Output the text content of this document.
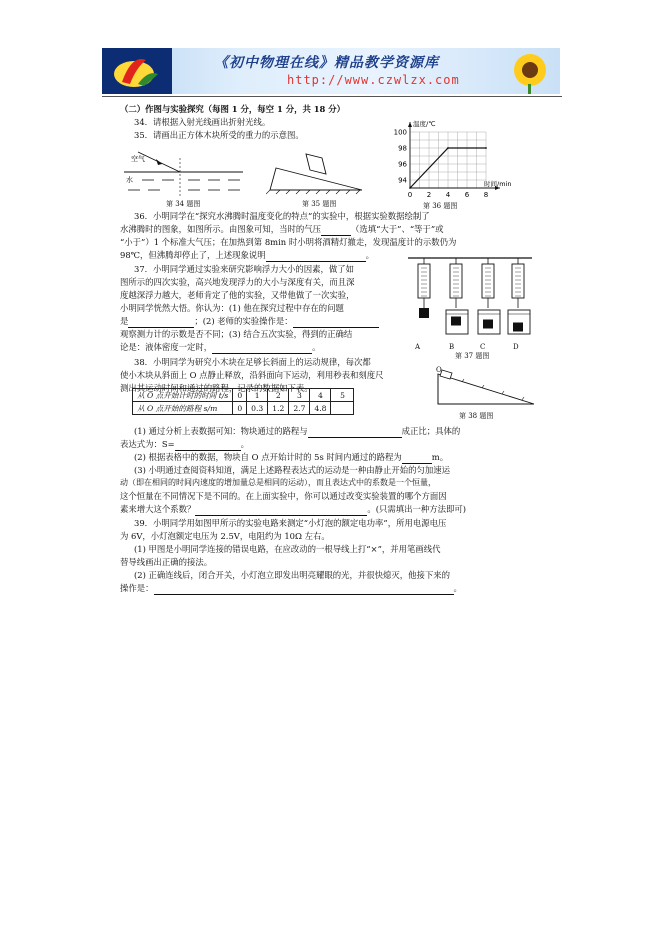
《初中物理在线》精品教学资源库
http://www.czwlzx.com
（二）作图与实验探究（每图 1 分，每空 1 分，共 18 分）
34．请根据入射光线画出折射光线。
35．请画出正方体木块所受的重力的示意图。
空气
水
第 34 题图	第 35 题图
100
98
96
94
0 2 4 6 8
温度/℃
时间/min
第 36 题图
36．小明同学在“探究水沸腾时温度变化的特点”的实验中，根据实验数据绘制了
水沸腾时的图象，如图所示。由图象可知，当时的气压	（选填“大于”、“等于”或
“小于”）1 个标准大气压；在加热到第 8min 时小明将酒精灯撤走，发现温度计的示数仍为
98℃，但沸腾却停止了，上述现象说明	。
37．小明同学通过实验来研究影响浮力大小的因素，做了如
图所示的四次实验，高兴地发现浮力的大小与深度有关，而且深
度越深浮力越大，老师肯定了他的实验，又带他做了一次实验，
小明同学恍然大悟。你认为：(1) 他在探究过程中存在的问题
是	；(2) 老师的实验操作是：
观察测力计的示数是否不同；(3) 结合五次实验，得到的正确结
论是：液体密度一定时，	。	A	B	C	D
第 37 题图
38．小明同学为研究小木块在足够长斜面上的运动规律，每次都
使小木块从斜面上 O 点静止释放，沿斜面向下运动，利用秒表和刻度尺
测出其运动时间和通过的路程，记录的数据如下表。
O
第 38 题图
从 O 点开始计时的时间 t/s	0	1	2	3	4	5
从 O 点开始的路程 s/m	0	0.3	1.2	2.7	4.8	
(1) 通过分析上表数据可知：物块通过的路程与	成正比；具体的
表达式为：S=	。
(2) 根据表格中的数据，物块自 O 点开始计时的 5s 时间内通过的路程为	m。
(3) 小明通过查阅资料知道，满足上述路程表达式的运动是一种由静止开始的匀加速运
动（即在相同的时间内速度的增加量总是相同的运动），而且表达式中的系数是一个恒量，
这个恒量在不同情况下是不同的。在上面实验中，你可以通过改变实验装置的哪个方面因
素来增大这个系数？	。(只需填出一种方法即可)
39．小明同学用如图甲所示的实验电路来测定“小灯泡的额定电功率”，所用电源电压
为 6V，小灯泡额定电压为 2.5V，电阻约为 10Ω 左右。
(1) 甲图是小明同学连接的错误电路，在应改动的一根导线上打“×”，并用笔画线代
替导线画出正确的接法。
(2) 正确连线后，闭合开关，小灯泡立即发出明亮耀眼的光，并很快熄灭，他接下来的
操作是：	。
